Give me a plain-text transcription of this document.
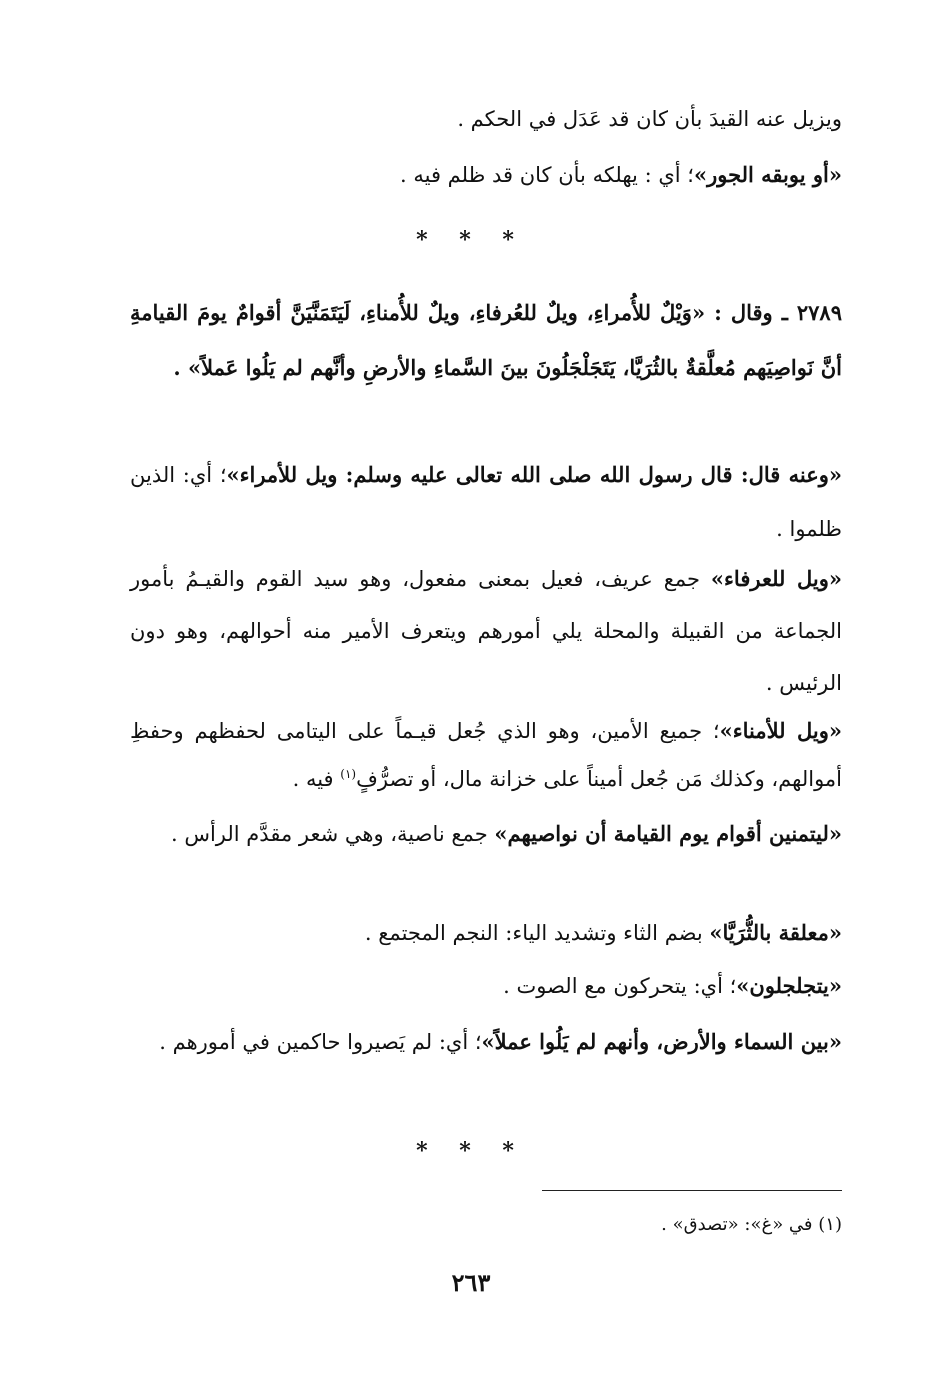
ويزيل عنه القيدَ بأن كان قد عَدَل في الحكم .
«أو يوبقه الجور»؛ أي : يهلكه بأن كان قد ظلم فيه .
* * *
٢٧٨٩ ـ وقال : «وَيْلٌ للأُمراءِ، ويلٌ للعُرفاءِ، ويلٌ للأُمناءِ، لَيَتَمَنَّيَنَّ أقوامٌ يومَ القيامةِ أنَّ نَواصِيَهم مُعلَّقةٌ بالثُرَيَّا، يَتَجَلْجَلُونَ بينَ السَّماءِ والأرضِ وأنَّهم لم يَلُوا عَملاً» .
«وعنه قال: قال رسول الله صلى الله تعالى عليه وسلم: ويل للأمراء»؛ أي: الذين ظلموا .
«ويل للعرفاء» جمع عريف، فعيل بمعنى مفعول، وهو سيد القوم والقيـمُ بأمور الجماعة من القبيلة والمحلة يلي أمورهم ويتعرف الأمير منه أحوالهم، وهو دون الرئيس .
«ويل للأمناء»؛ جميع الأمين، وهو الذي جُعل قيـماً على اليتامى لحفظهم وحفظِ أموالهم، وكذلك مَن جُعل أميناً على خزانة مال، أو تصرُّفٍ$^{(١)}$ فيه .
«ليتمنين أقوام يوم القيامة أن نواصيهم» جمع ناصية، وهي شعر مقدَّم الرأس .
«معلقة بالثُّرَيَّا» بضم الثاء وتشديد الياء: النجم المجتمع .
«يتجلجلون»؛ أي: يتحركون مع الصوت .
«بين السماء والأرض، وأنهم لم يَلُوا عملاً»؛ أي: لم يَصيروا حاكمين في أمورهم .
* * *
(١) في «غ»: «تصدق» .
٢٦٣
